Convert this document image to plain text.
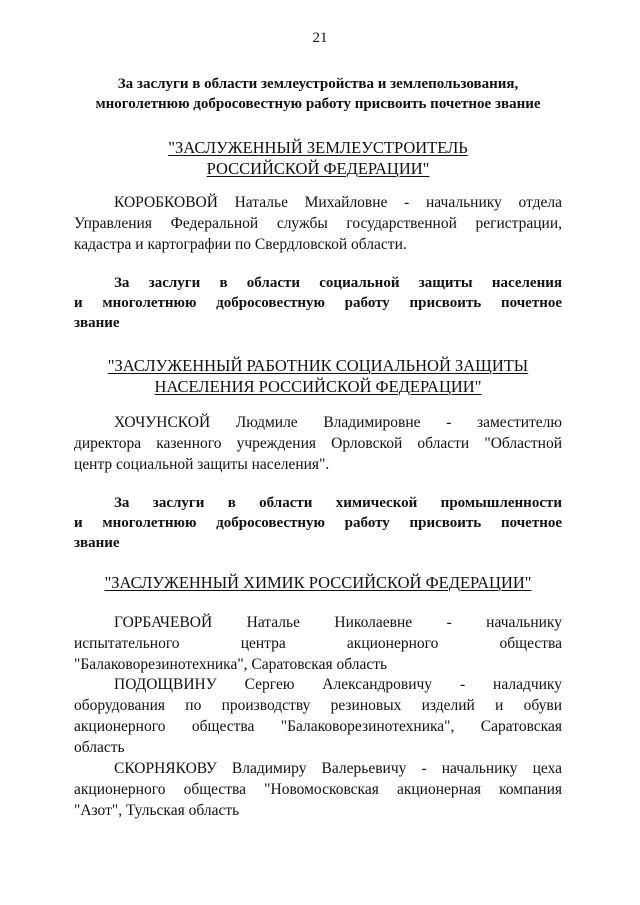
21
За заслуги в области землеустройства и землепользования,
многолетнюю добросовестную работу присвоить почетное звание
"ЗАСЛУЖЕННЫЙ ЗЕМЛЕУСТРОИТЕЛЬ
РОССИЙСКОЙ ФЕДЕРАЦИИ"
КОРОБКОВОЙ Наталье Михайловне - начальнику отдела
Управления Федеральной службы государственной регистрации,
кадастра и картографии по Свердловской области.
За заслуги в области социальной защиты населения
и многолетнюю добросовестную работу присвоить почетное
звание
"ЗАСЛУЖЕННЫЙ РАБОТНИК СОЦИАЛЬНОЙ ЗАЩИТЫ
НАСЕЛЕНИЯ РОССИЙСКОЙ ФЕДЕРАЦИИ"
ХОЧУНСКОЙ Людмиле Владимировне - заместителю
директора казенного учреждения Орловской области "Областной
центр социальной защиты населения".
За заслуги в области химической промышленности
и многолетнюю добросовестную работу присвоить почетное
звание
"ЗАСЛУЖЕННЫЙ ХИМИК РОССИЙСКОЙ ФЕДЕРАЦИИ"
ГОРБАЧЕВОЙ Наталье Николаевне - начальнику
испытательного центра акционерного общества
"Балаковорезинотехника", Саратовская область
ПОДОЩВИНУ Сергею Александровичу - наладчику
оборудования по производству резиновых изделий и обуви
акционерного общества "Балаковорезинотехника", Саратовская
область
СКОРНЯКОВУ Владимиру Валерьевичу - начальнику цеха
акционерного общества "Новомосковская акционерная компания
"Азот", Тульская область
